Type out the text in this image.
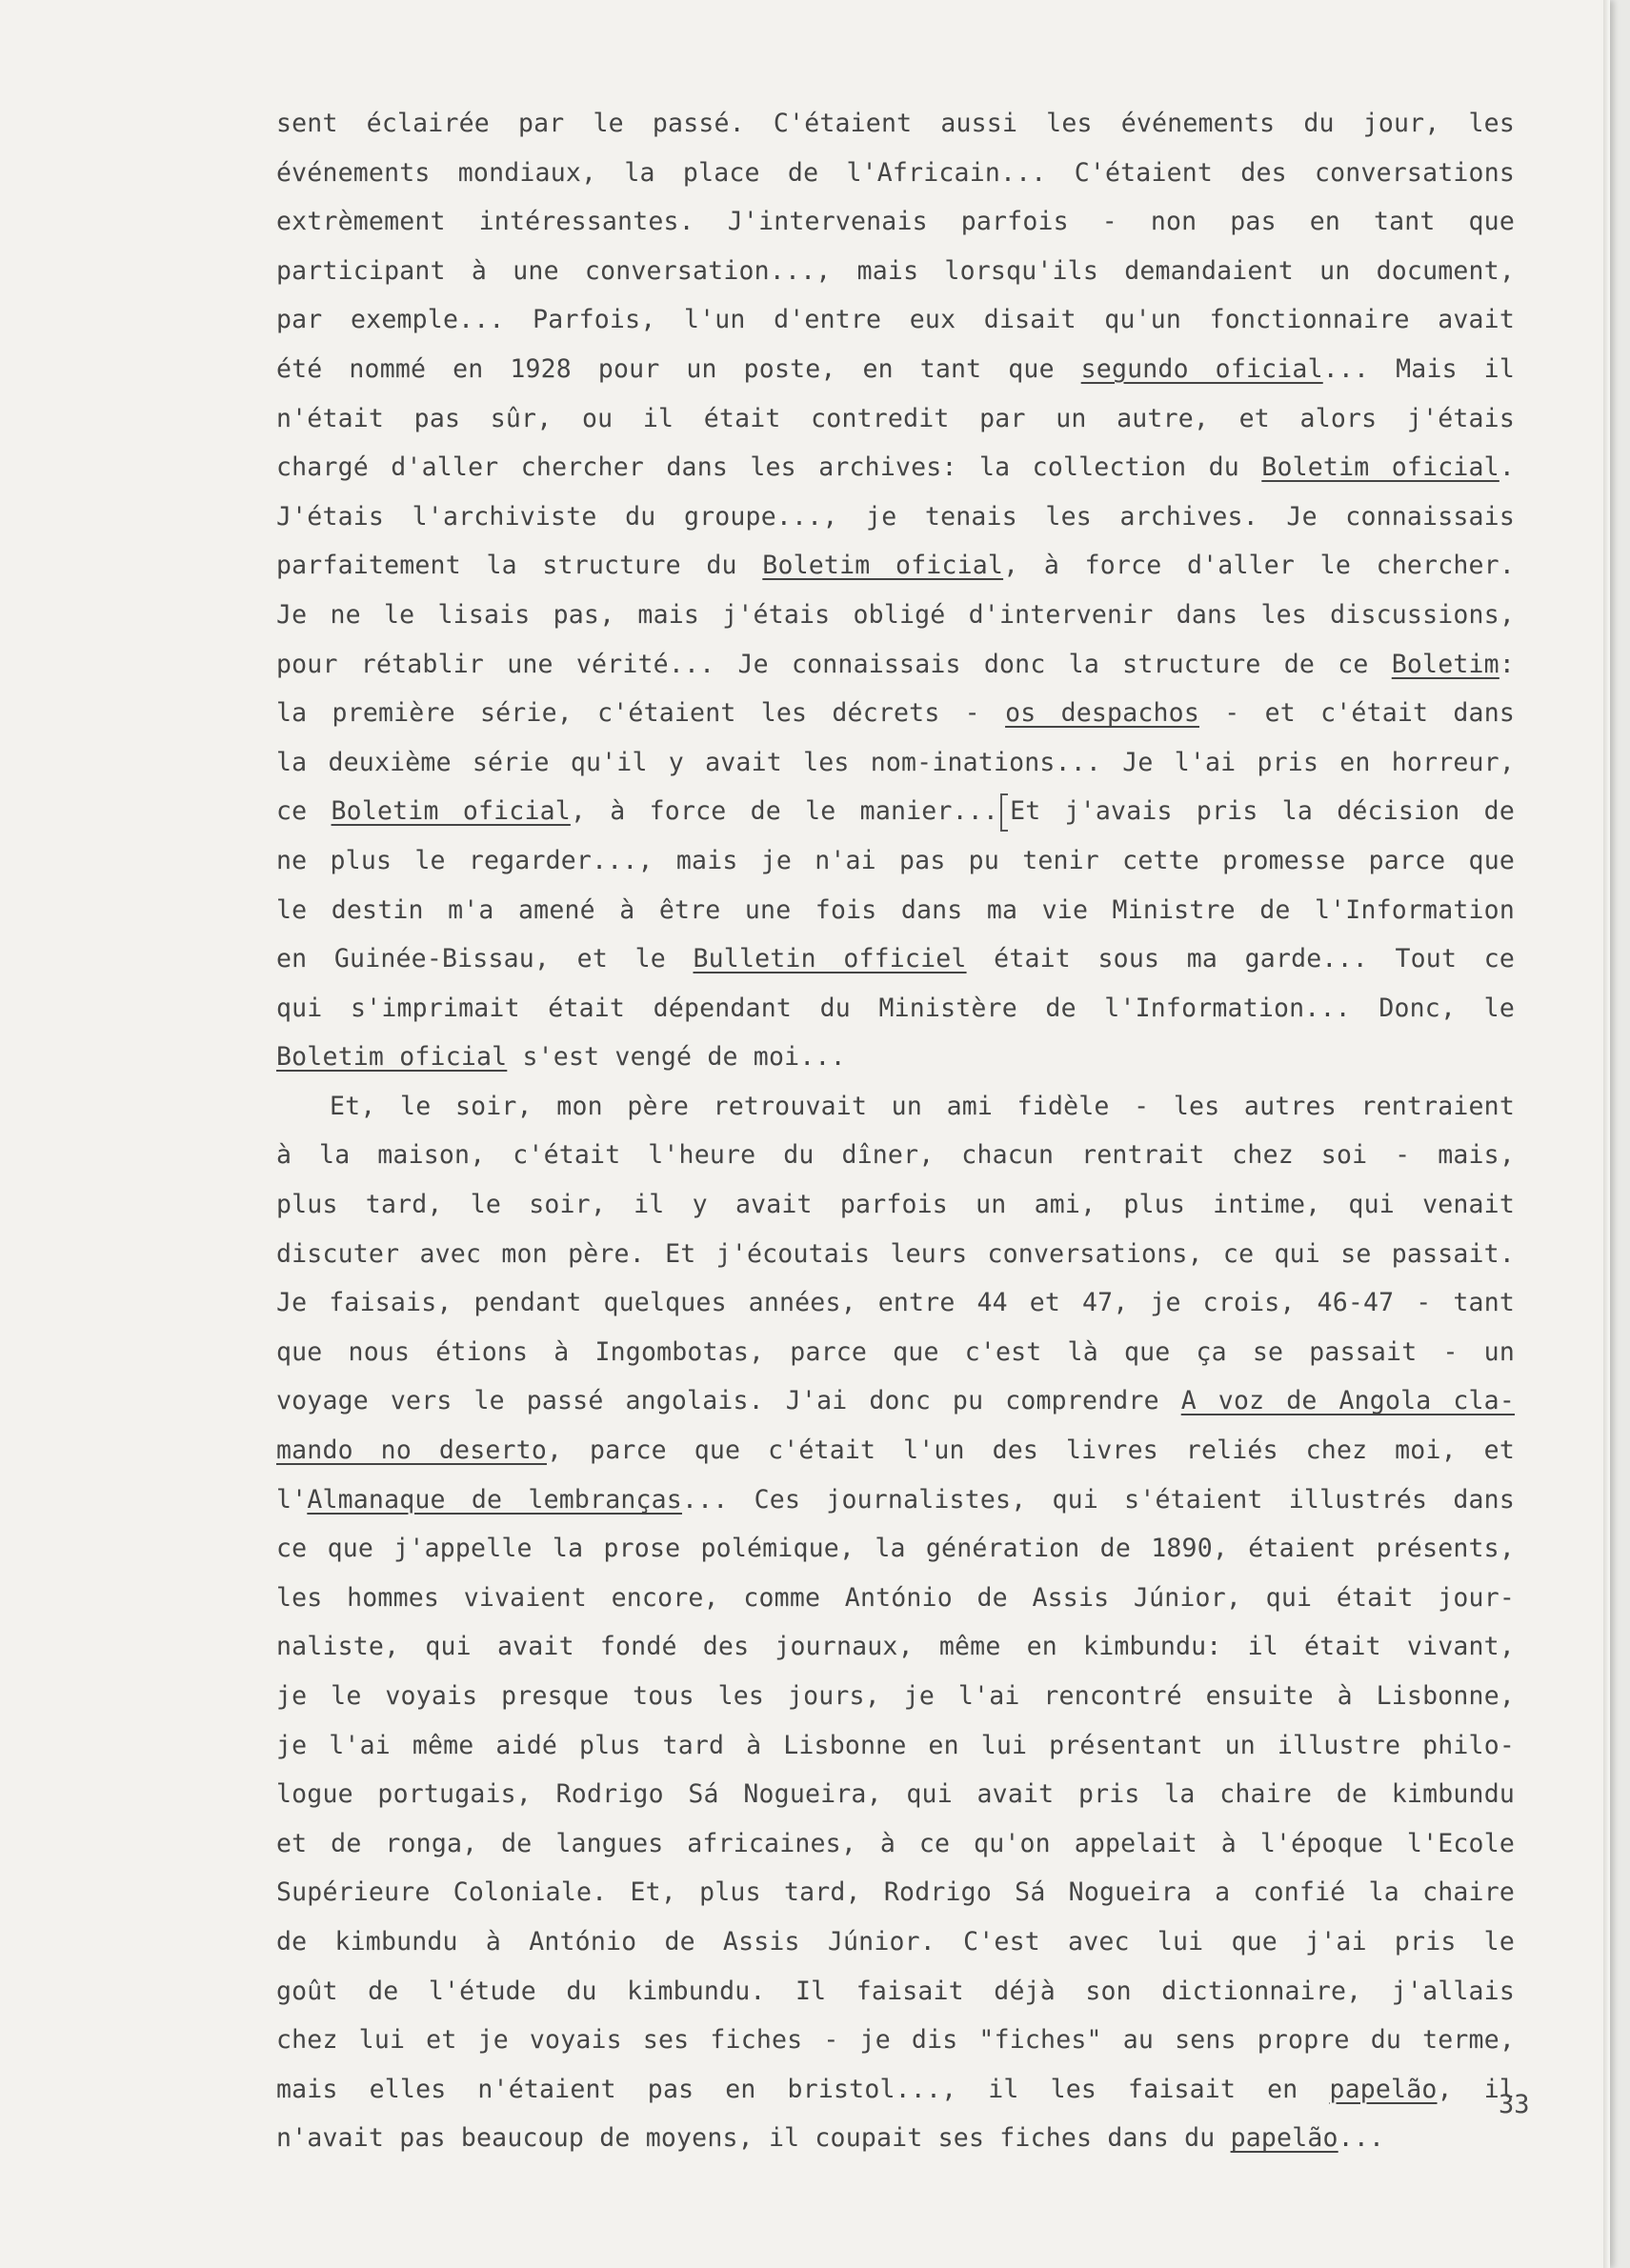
sent éclairée par le passé. C'étaient aussi les événements du jour, les
événements mondiaux, la place de l'Africain... C'étaient des conversations
extrèmement intéressantes. J'intervenais parfois - non pas en tant que
participant à une conversation..., mais lorsqu'ils demandaient un document,
par exemple... Parfois, l'un d'entre eux disait qu'un fonctionnaire avait
été nommé en 1928 pour un poste, en tant que segundo oficial... Mais il
n'était pas sûr, ou il était contredit par un autre, et alors j'étais
chargé d'aller chercher dans les archives: la collection du Boletim oficial.
J'étais l'archiviste du groupe..., je tenais les archives. Je connaissais
parfaitement la structure du Boletim oficial, à force d'aller le chercher.
Je ne le lisais pas, mais j'étais obligé d'intervenir dans les discussions,
pour rétablir une vérité... Je connaissais donc la structure de ce Boletim:
la première série, c'étaient les décrets - os despachos - et c'était dans
la deuxième série qu'il y avait les nom-inations... Je l'ai pris en horreur,
ce Boletim oficial, à force de le manier... Et j'avais pris la décision de
ne plus le regarder..., mais je n'ai pas pu tenir cette promesse parce que
le destin m'a amené à être une fois dans ma vie Ministre de l'Information
en Guinée-Bissau, et le Bulletin officiel était sous ma garde... Tout ce
qui s'imprimait était dépendant du Ministère de l'Information... Donc, le
Boletim oficial s'est vengé de moi...
Et, le soir, mon père retrouvait un ami fidèle - les autres rentraient
à la maison, c'était l'heure du dîner, chacun rentrait chez soi - mais,
plus tard, le soir, il y avait parfois un ami, plus intime, qui venait
discuter avec mon père. Et j'écoutais leurs conversations, ce qui se passait.
Je faisais, pendant quelques années, entre 44 et 47, je crois, 46-47 - tant
que nous étions à Ingombotas, parce que c'est là que ça se passait - un
voyage vers le passé angolais. J'ai donc pu comprendre A voz de Angola cla-
mando no deserto, parce que c'était l'un des livres reliés chez moi, et
l'Almanaque de lembranças... Ces journalistes, qui s'étaient illustrés dans
ce que j'appelle la prose polémique, la génération de 1890, étaient présents,
les hommes vivaient encore, comme António de Assis Júnior, qui était jour-
naliste, qui avait fondé des journaux, même en kimbundu: il était vivant,
je le voyais presque tous les jours, je l'ai rencontré ensuite à Lisbonne,
je l'ai même aidé plus tard à Lisbonne en lui présentant un illustre philo-
logue portugais, Rodrigo Sá Nogueira, qui avait pris la chaire de kimbundu
et de ronga, de langues africaines, à ce qu'on appelait à l'époque l'Ecole
Supérieure Coloniale. Et, plus tard, Rodrigo Sá Nogueira a confié la chaire
de kimbundu à António de Assis Júnior. C'est avec lui que j'ai pris le
goût de l'étude du kimbundu. Il faisait déjà son dictionnaire, j'allais
chez lui et je voyais ses fiches - je dis "fiches" au sens propre du terme,
mais elles n'étaient pas en bristol..., il les faisait en papelão, il
n'avait pas beaucoup de moyens, il coupait ses fiches dans du papelão...
33
